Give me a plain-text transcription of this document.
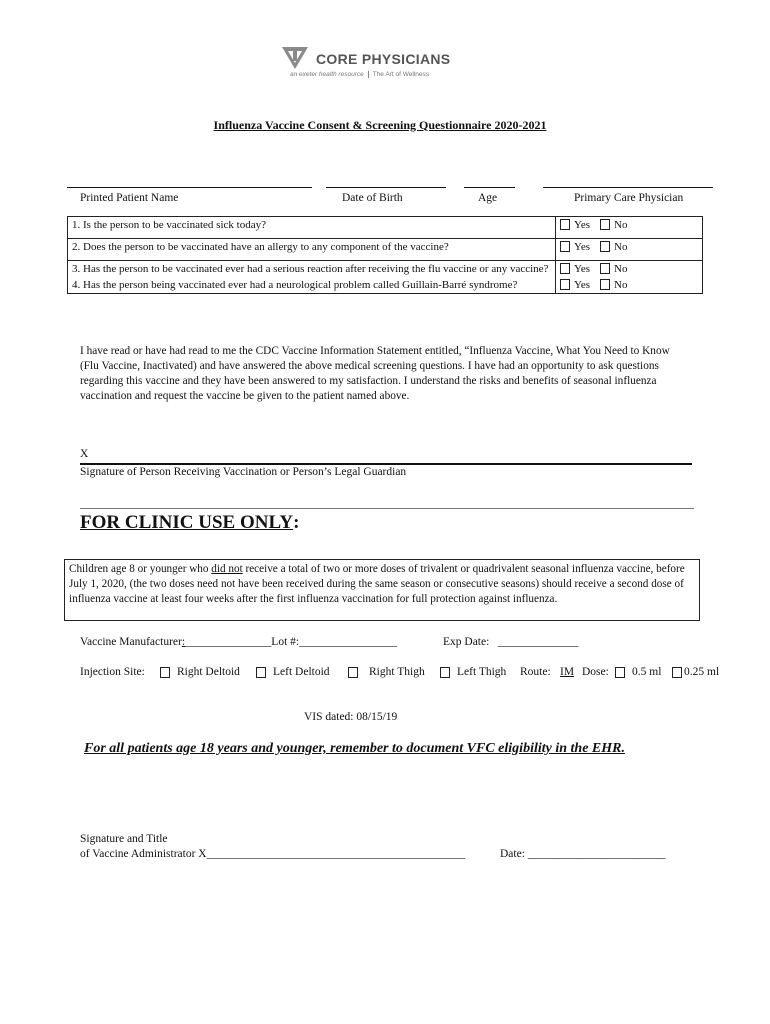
CORE PHYSICIANS
an exeter health resource The Art of Wellness
Influenza Vaccine Consent & Screening Questionnaire 2020-2021
Printed Patient Name	Date of Birth	Age	Primary Care Physician
1. Is the person to be vaccinated sick today?	Yes No
2. Does the person to be vaccinated have an allergy to any component of the vaccine?	Yes No
3. Has the person to be vaccinated ever had a serious reaction after receiving the flu vaccine or any vaccine?	Yes No
4. Has the person being vaccinated ever had a neurological problem called Guillain-Barré syndrome?	Yes No
I have read or have had read to me the CDC Vaccine Information Statement entitled, “Influenza Vaccine, What You Need to Know (Flu Vaccine, Inactivated) and have answered the above medical screening questions. I have had an opportunity to ask questions regarding this vaccine and they have been answered to my satisfaction. I understand the risks and benefits of seasonal influenza vaccination and request the vaccine be given to the patient named above.
X
Signature of Person Receiving Vaccination or Person’s Legal Guardian
FOR CLINIC USE ONLY:
Children age 8 or younger who did not receive a total of two or more doses of trivalent or quadrivalent seasonal influenza vaccine, before July 1, 2020, (the two doses need not have been received during the same season or consecutive seasons) should receive a second dose of influenza vaccine at least four weeks after the first influenza vaccination for full protection against influenza.
Vaccine Manufacturer:_______________Lot #:_________________	Exp Date: ______________
Injection Site:	Right Deltoid	Left Deltoid	Right Thigh	Left Thigh Route: IM Dose: 0.5 ml 0.25 ml
VIS dated: 08/15/19
For all patients age 18 years and younger, remember to document VFC eligibility in the EHR.
Signature and Title
of Vaccine Administrator X_____________________________________________	Date: ________________________
